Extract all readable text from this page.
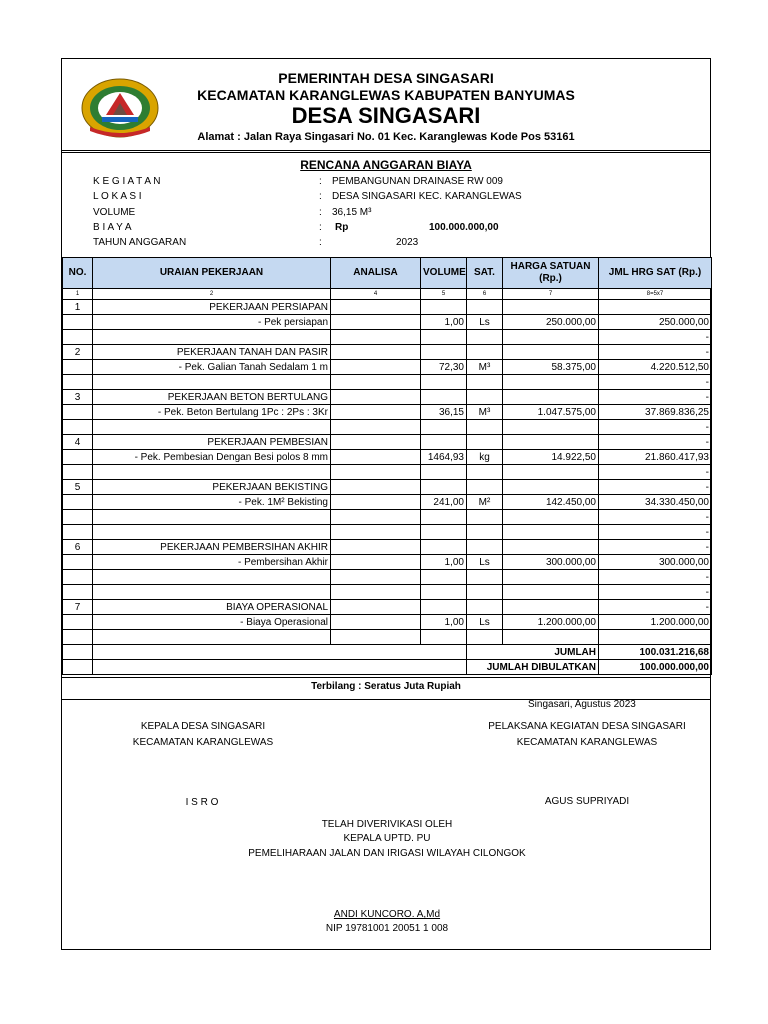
PEMERINTAH DESA SINGASARI
KECAMATAN KARANGLEWAS KABUPATEN BANYUMAS
DESA SINGASARI
Alamat : Jalan Raya Singasari No. 01 Kec. Karanglewas Kode Pos 53161
RENCANA ANGGARAN BIAYA
K E G I A T A N	: PEMBANGUNAN DRAINASE RW 009
L O K A S I	: DESA SINGASARI KEC. KARANGLEWAS
VOLUME	: 36,15 M³
B I A Y A	: Rp	100.000.000,00
TAHUN ANGGARAN	:	2023
NO.	URAIAN PEKERJAAN	ANALISA	VOLUME	SAT.	HARGA SATUAN (Rp.)	JML HRG SAT (Rp.)
1	2	4	5	6	7	8=5x7
1	PEKERJAAN PERSIAPAN					
	- Pek persiapan		1,00	Ls	250.000,00	250.000,00
						-
2	PEKERJAAN TANAH DAN PASIR					-
	- Pek. Galian Tanah Sedalam 1 m		72,30	M³	58.375,00	4.220.512,50
						-
3	PEKERJAAN BETON BERTULANG					-
	- Pek. Beton Bertulang 1Pc : 2Ps : 3Kr		36,15	M³	1.047.575,00	37.869.836,25
						-
4	PEKERJAAN PEMBESIAN					-
	- Pek. Pembesian Dengan Besi polos 8 mm		1464,93	kg	14.922,50	21.860.417,93
						-
5	PEKERJAAN BEKISTING					-
	- Pek. 1M² Bekisting		241,00	M²	142.450,00	34.330.450,00
						-
						-
6	PEKERJAAN PEMBERSIHAN AKHIR					-
	- Pembersihan Akhir		1,00	Ls	300.000,00	300.000,00
						-
						-
7	BIAYA OPERASIONAL					-
	- Biaya Operasional		1,00	Ls	1.200.000,00	1.200.000,00

				JUMLAH		100.031.216,68
				JUMLAH DIBULATKAN		100.000.000,00
Terbilang : Seratus Juta Rupiah
Singasari, Agustus 2023
KEPALA DESA SINGASARI
KECAMATAN KARANGLEWAS
I S R O
PELAKSANA KEGIATAN DESA SINGASARI
KECAMATAN KARANGLEWAS
AGUS SUPRIYADI
TELAH DIVERIVIKASI OLEH
KEPALA UPTD. PU
PEMELIHARAAN JALAN DAN IRIGASI WILAYAH CILONGOK
ANDI KUNCORO. A,Md
NIP 19781001 20051 1 008
